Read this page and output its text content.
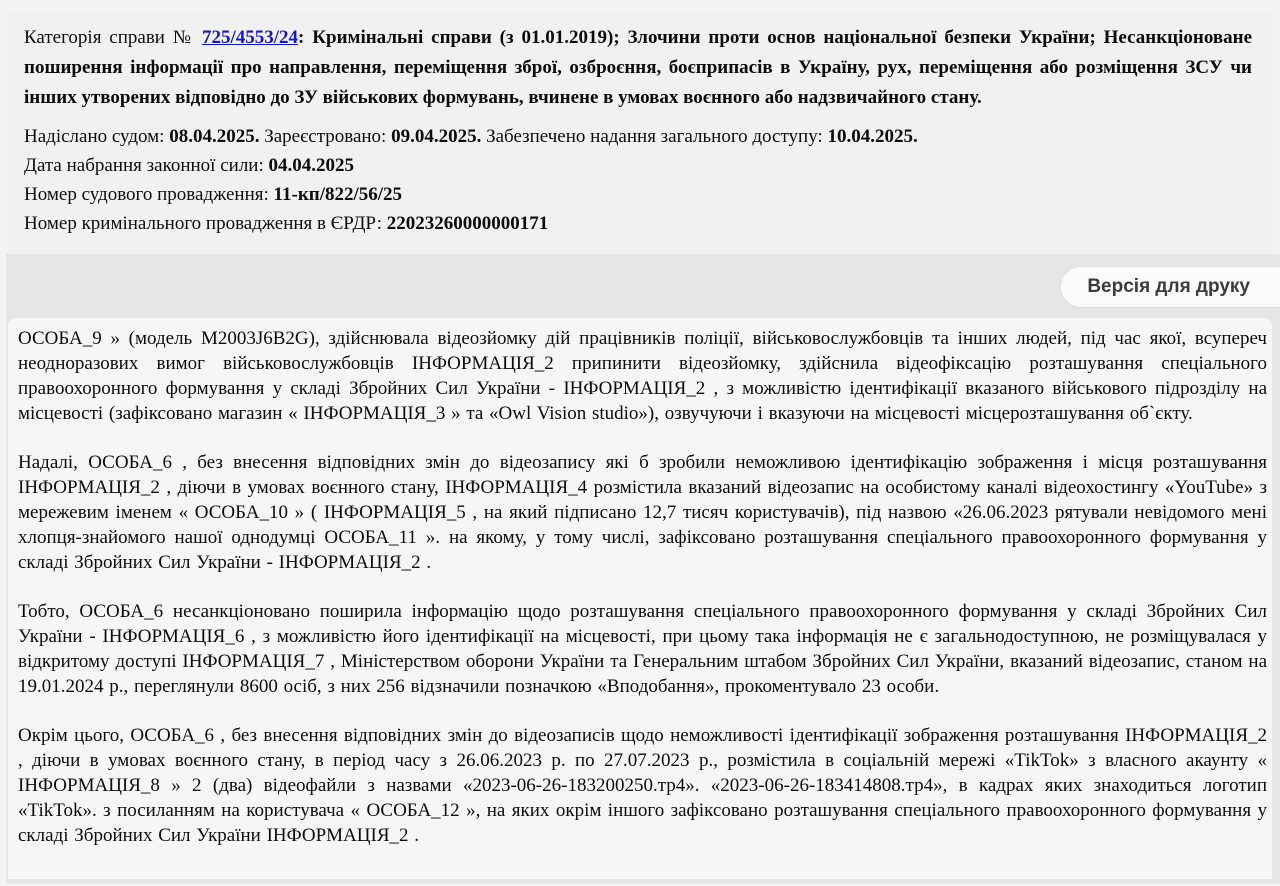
Категорія справи № 725/4553/24: Кримінальні справи (з 01.01.2019); Злочини проти основ національної безпеки України; Несанкціоноване поширення інформації про направлення, переміщення зброї, озброєння, боєприпасів в Україну, рух, переміщення або розміщення ЗСУ чи інших утворених відповідно до ЗУ військових формувань, вчинене в умовах воєнного або надзвичайного стану.
Надіслано судом: 08.04.2025. Зареєстровано: 09.04.2025. Забезпечено надання загального доступу: 10.04.2025.
Дата набрання законної сили: 04.04.2025
Номер судового провадження: 11-кп/822/56/25
Номер кримінального провадження в ЄРДР: 22023260000000171
Версія для друку

ОСОБА_9 » (модель M2003J6B2G), здійснювала відеозйомку дій працівників поліції, військовослужбовців та інших людей, під час якої, всупереч неодноразових вимог військовослужбовців ІНФОРМАЦІЯ_2 припинити відеозйомку, здійснила відеофіксацію розташування спеціального правоохоронного формування у складі Збройних Сил України - ІНФОРМАЦІЯ_2 , з можливістю ідентифікації вказаного військового підрозділу на місцевості (зафіксовано магазин « ІНФОРМАЦІЯ_3 » та «Owl Vision studio»), озвучуючи і вказуючи на місцевості місцерозташування об`єкту.

Надалі, ОСОБА_6 , без внесення відповідних змін до відеозапису які б зробили неможливою ідентифікацію зображення і місця розташування ІНФОРМАЦІЯ_2 , діючи в умовах воєнного стану, ІНФОРМАЦІЯ_4 розмістила вказаний відеозапис на особистому каналі відеохостингу «YouTube» з мережевим іменем « ОСОБА_10 » ( ІНФОРМАЦІЯ_5 , на який підписано 12,7 тисяч користувачів), під назвою «26.06.2023 рятували невідомого мені хлопця-знайомого нашої однодумці ОСОБА_11 ». на якому, у тому числі, зафіксовано розташування спеціального правоохоронного формування у складі Збройних Сил України - ІНФОРМАЦІЯ_2 .

Тобто, ОСОБА_6 несанкціоновано поширила інформацію щодо розташування спеціального правоохоронного формування у складі Збройних Сил України - ІНФОРМАЦІЯ_6 , з можливістю його ідентифікації на місцевості, при цьому така інформація не є загальнодоступною, не розміщувалася у відкритому доступі ІНФОРМАЦІЯ_7 , Міністерством оборони України та Генеральним штабом Збройних Сил України, вказаний відеозапис, станом на 19.01.2024 р., переглянули 8600 осіб, з них 256 відзначили позначкою «Вподобання», прокоментувало 23 особи.

Окрім цього, ОСОБА_6 , без внесення відповідних змін до відеозаписів щодо неможливості ідентифікації зображення розташування ІНФОРМАЦІЯ_2 , діючи в умовах воєнного стану, в період часу з 26.06.2023 р. по 27.07.2023 р., розмістила в соціальній мережі «TikTok» з власного акаунту « ІНФОРМАЦІЯ_8 » 2 (два) відеофайли з назвами «2023-06-26-183200250.тр4». «2023-06-26-183414808.тр4», в кадрах яких знаходиться логотип «TikTok». з посиланням на користувача « ОСОБА_12 », на яких окрім іншого зафіксовано розташування спеціального правоохоронного формування у складі Збройних Сил України ІНФОРМАЦІЯ_2 .
